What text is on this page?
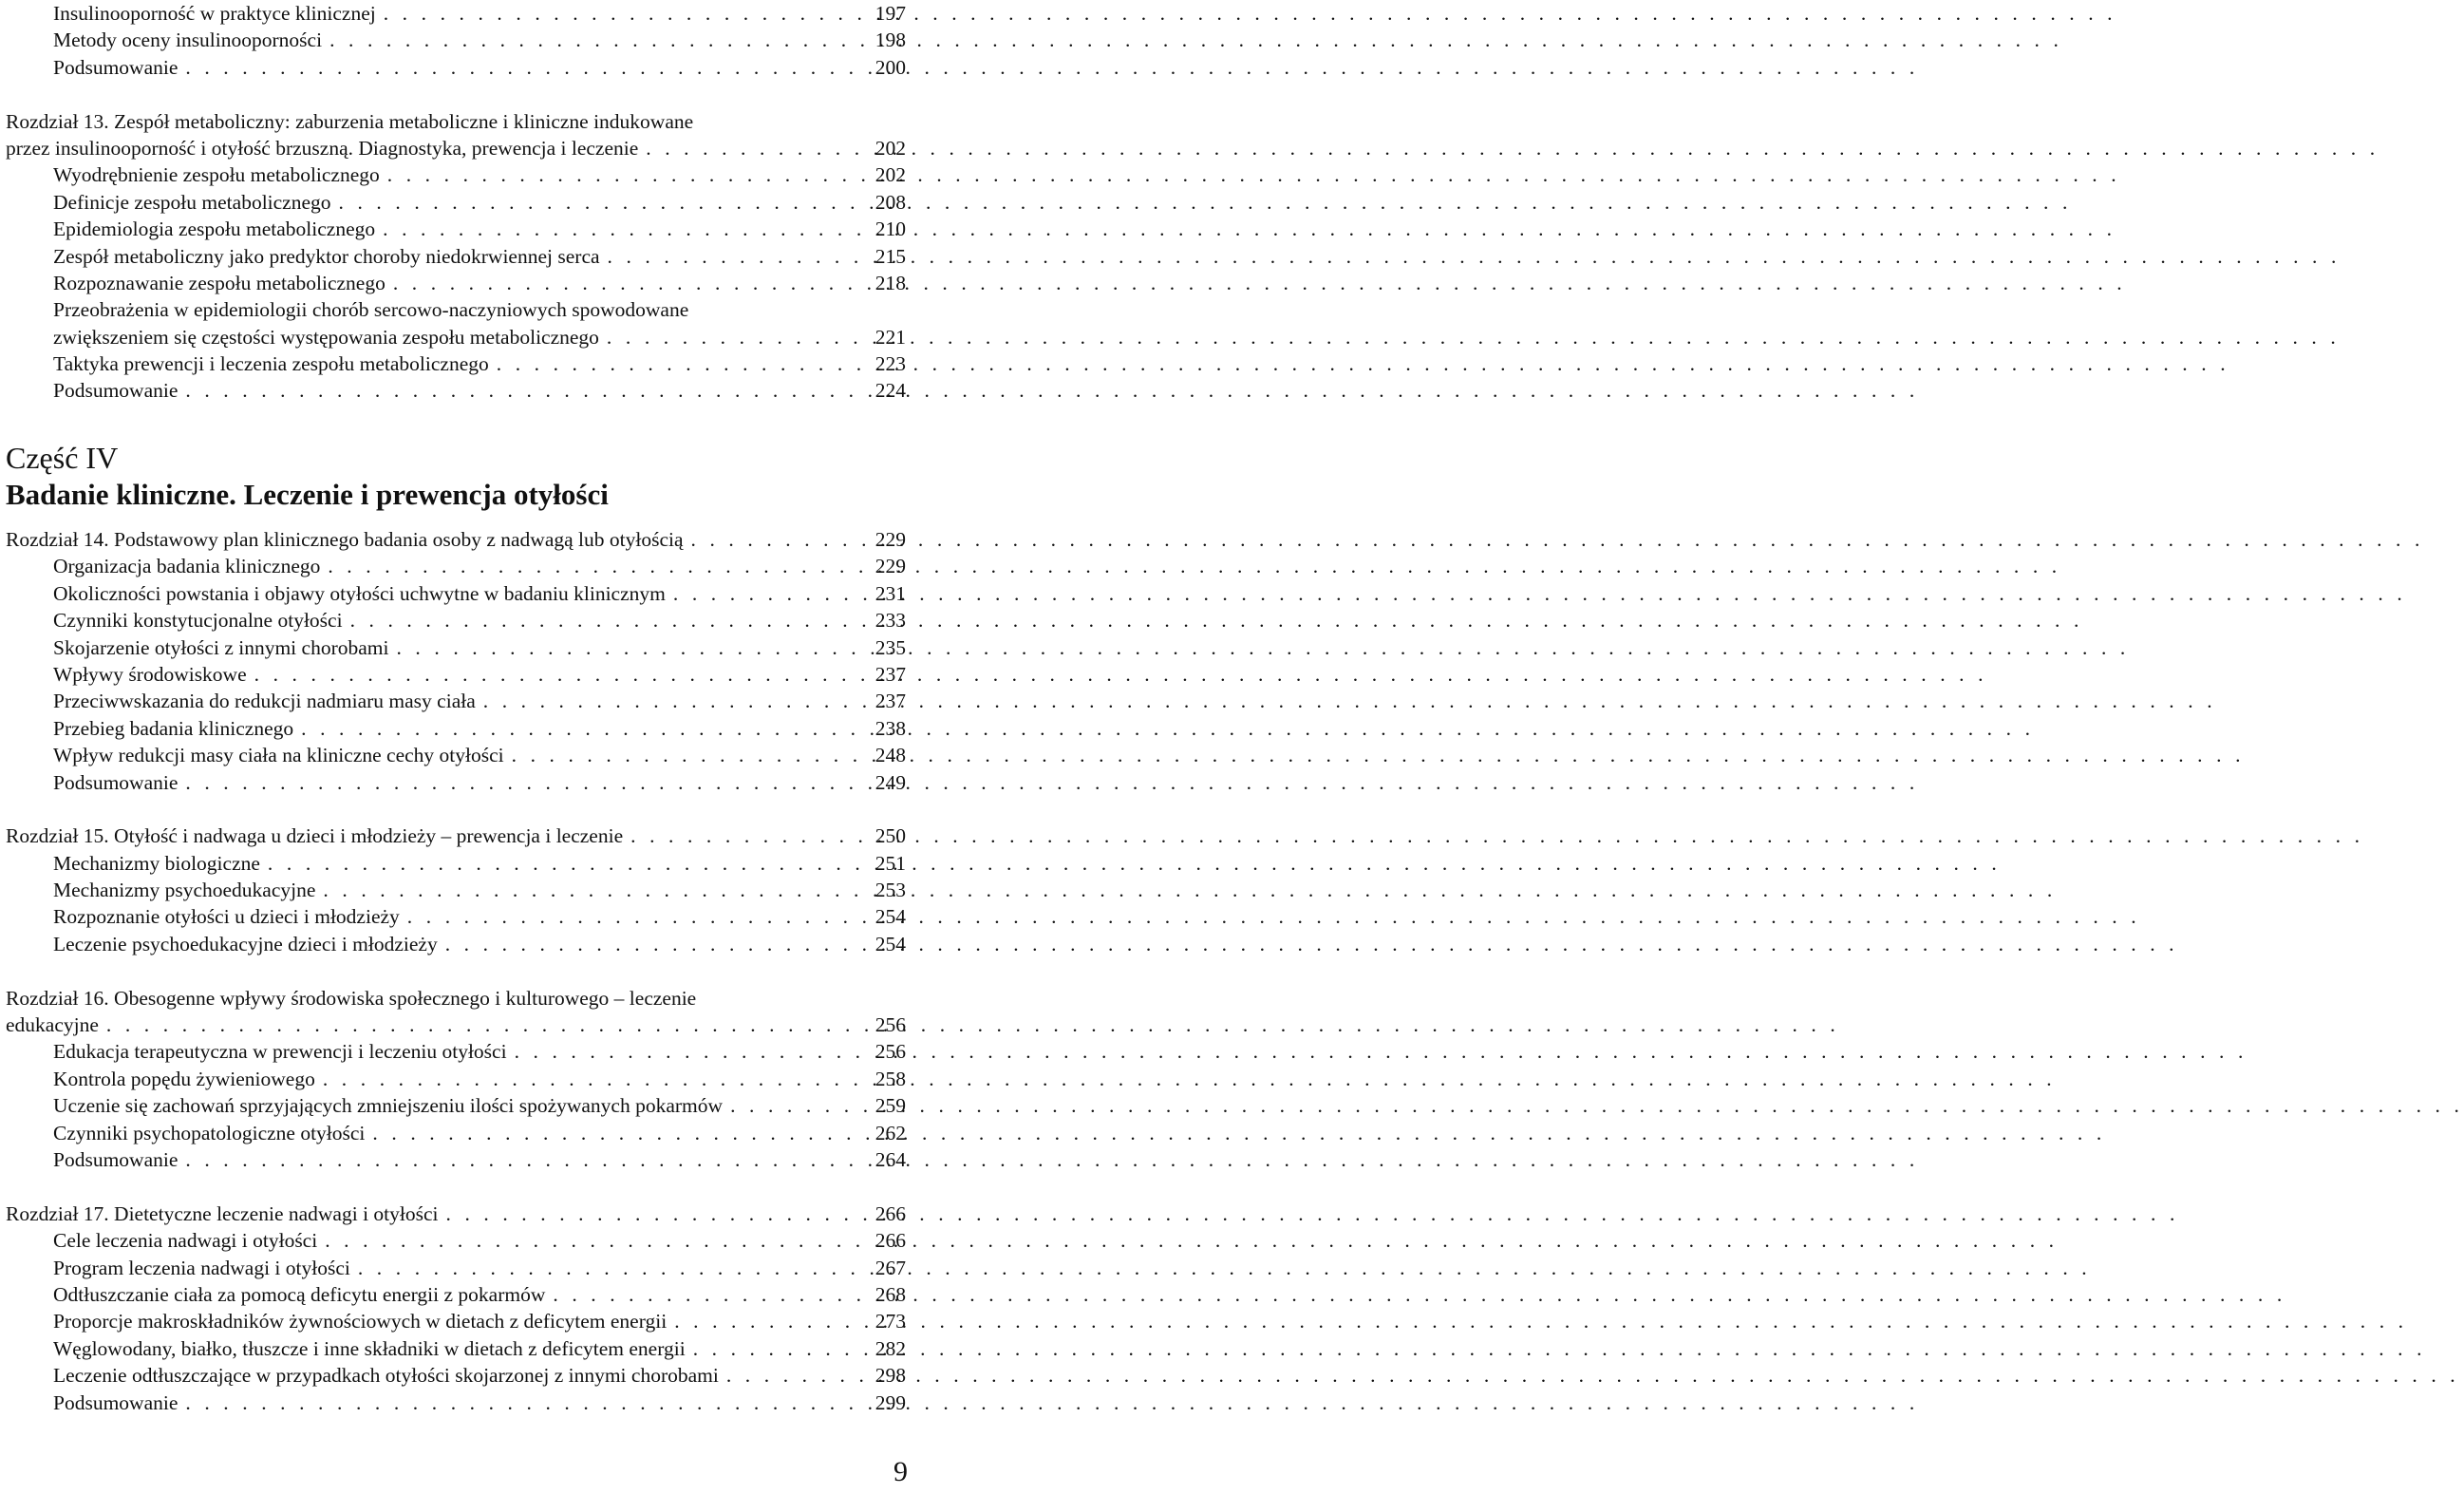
Insulinooporność w praktyce klinicznej . . .	197
Metody oceny insulinooporności . . .	198
Podsumowanie . . .	200
Rozdział 13. Zespół metaboliczny: zaburzenia metaboliczne i kliniczne indukowane
przez insulinooporność i otyłość brzuszną. Diagnostyka, prewencja i leczenie . . .	202
Wyodrębnienie zespołu metabolicznego . . .	202
Definicje zespołu metabolicznego . . .	208
Epidemiologia zespołu metabolicznego . . .	210
Zespół metaboliczny jako predyktor choroby niedokrwiennej serca . . .	215
Rozpoznawanie zespołu metabolicznego . . .	218
Przeobrażenia w epidemiologii chorób sercowo-naczyniowych spowodowane
zwiększeniem się częstości występowania zespołu metabolicznego . . .	221
Taktyka prewencji i leczenia zespołu metabolicznego . . .	223
Podsumowanie . . .	224
Część IV
Badanie kliniczne. Leczenie i prewencja otyłości
Rozdział 14. Podstawowy plan klinicznego badania osoby z nadwagą lub otyłością . . .	229
Organizacja badania klinicznego . . .	229
Okoliczności powstania i objawy otyłości uchwytne w badaniu klinicznym . . .	231
Czynniki konstytucjonalne otyłości . . .	233
Skojarzenie otyłości z innymi chorobami . . .	235
Wpływy środowiskowe . . .	237
Przeciwwskazania do redukcji nadmiaru masy ciała . . .	237
Przebieg badania klinicznego . . .	238
Wpływ redukcji masy ciała na kliniczne cechy otyłości . . .	248
Podsumowanie . . .	249
Rozdział 15. Otyłość i nadwaga u dzieci i młodzieży – prewencja i leczenie . . .	250
Mechanizmy biologiczne . . .	251
Mechanizmy psychoedukacyjne . . .	253
Rozpoznanie otyłości u dzieci i młodzieży . . .	254
Leczenie psychoedukacyjne dzieci i młodzieży . . .	254
Rozdział 16. Obesogenne wpływy środowiska społecznego i kulturowego – leczenie
edukacyjne . . .	256
Edukacja terapeutyczna w prewencji i leczeniu otyłości . . .	256
Kontrola popędu żywieniowego . . .	258
Uczenie się zachowań sprzyjających zmniejszeniu ilości spożywanych pokarmów . . .	259
Czynniki psychopatologiczne otyłości . . .	262
Podsumowanie . . .	264
Rozdział 17. Dietetyczne leczenie nadwagi i otyłości . . .	266
Cele leczenia nadwagi i otyłości . . .	266
Program leczenia nadwagi i otyłości . . .	267
Odtłuszczanie ciała za pomocą deficytu energii z pokarmów . . .	268
Proporcje makroskładników żywnościowych w dietach z deficytem energii . . .	273
Węglowodany, białko, tłuszcze i inne składniki w dietach z deficytem energii . . .	282
Leczenie odtłuszczające w przypadkach otyłości skojarzonej z innymi chorobami . . .	298
Podsumowanie . . .	299
9
